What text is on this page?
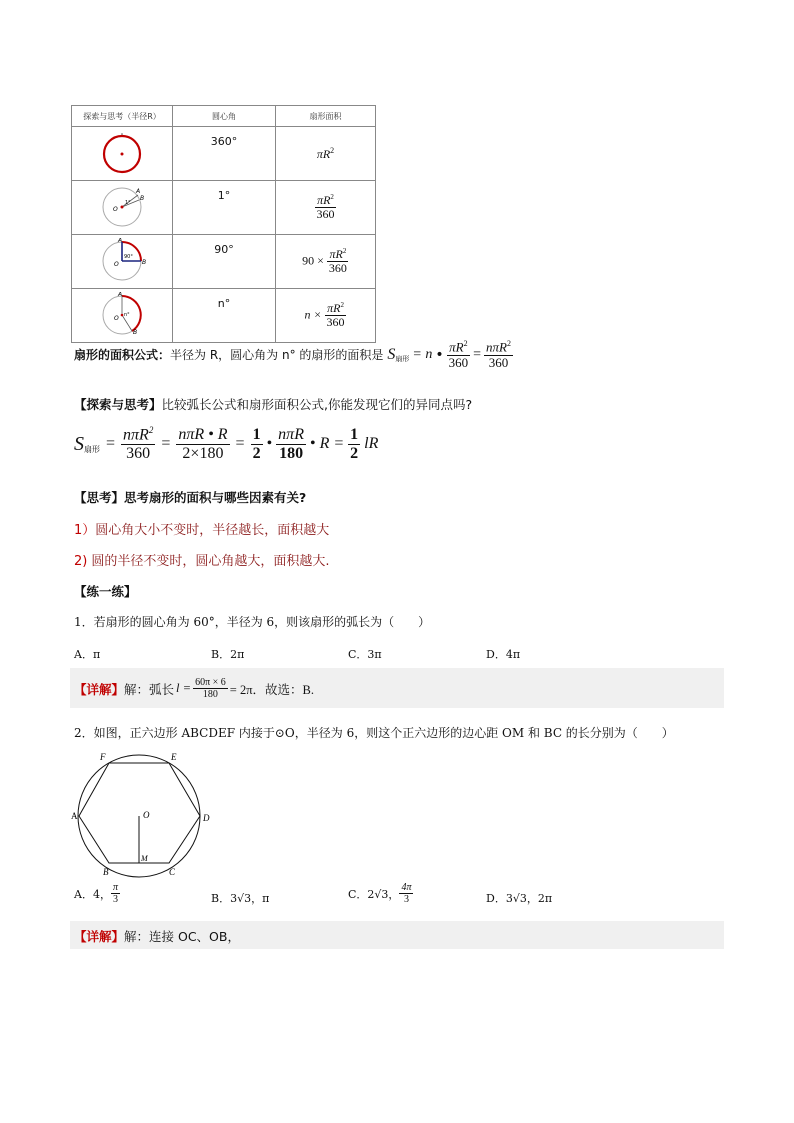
探索与思考（半径R）	圆心角	扇形面积
	360°	$\pi R^2$

A
B
O
1°	1°	$\frac{\pi R^2}{360}$

A
B
O
90°	90°	$90 \times \frac{\pi R^2}{360}$

A
B
O n°	n°	$n \times \frac{\pi R^2}{360}$
扇形的面积公式： 半径为 R，圆心角为 n° 的扇形的面积是 $S_{扇形} = n$ • $\frac{\pi R^2}{360} = \frac{n\pi R^2}{360}$
【探索与思考】比较弧长公式和扇形面积公式,你能发现它们的异同点吗?
$S_{扇形} = \frac{n\pi R^2}{360} = \frac{\text{nπR • R}}{2\times 180} = \frac{1}{2}$ • $\frac{\text{nπR}}{180}$ • $R = \frac{1}{2}$ lR
【思考】思考扇形的面积与哪些因素有关?
1）圆心角大小不变时，半径越长，面积越大
2) 圆的半径不变时，圆心角越大，面积越大.
【练一练】
1．若扇形的圆心角为 60°，半径为 6，则该扇形的弧长为（　　）
A．π	B．2π	C．3π	D．4π
【详解】 解：弧长 $l = \frac{60\pi \times 6}{180} = 2\pi$．故选：B.
2．如图，正六边形 ABCDEF 内接于⊙O，半径为 6，则这个正六边形的边心距 OM 和 BC 的长分别为（　　）
F	E
A	D
B	C
O
M
A．4， $\frac{\pi}{3}$	B．3√3，π	C．2√3， $\frac{4\pi}{3}$	D．3√3，2π
【详解】解：连接 OC、OB，
